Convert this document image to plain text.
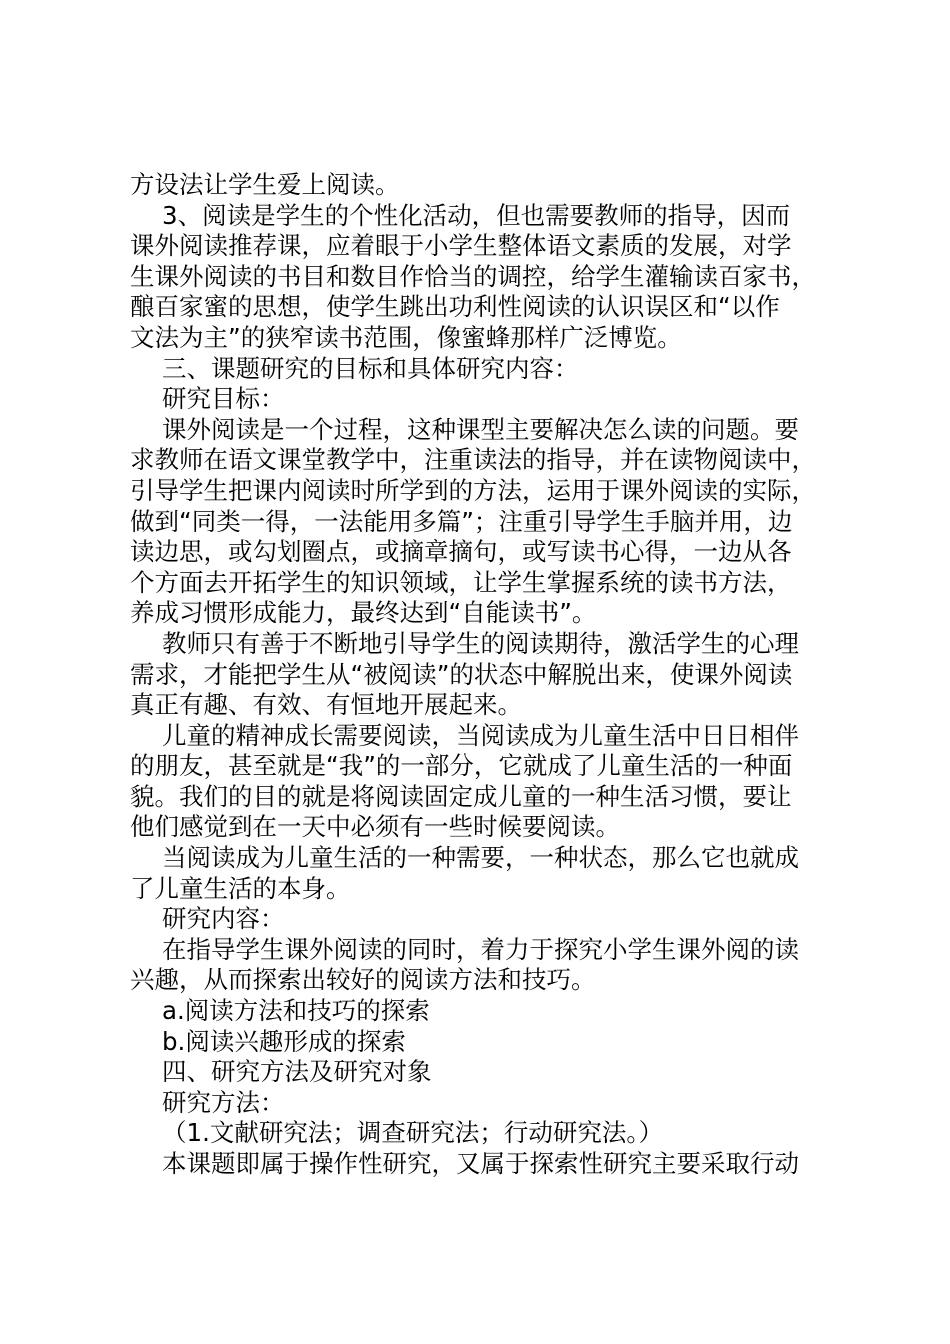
方设法让学生爱上阅读。
3、阅读是学生的个性化活动，但也需要教师的指导，因而
课外阅读推荐课，应着眼于小学生整体语文素质的发展，对学
生课外阅读的书目和数目作恰当的调控，给学生灌输读百家书，
酿百家蜜的思想，使学生跳出功利性阅读的认识误区和“以作
文法为主”的狭窄读书范围，像蜜蜂那样广泛博览。
三、课题研究的目标和具体研究内容：
研究目标：
课外阅读是一个过程，这种课型主要解决怎么读的问题。要
求教师在语文课堂教学中，注重读法的指导，并在读物阅读中，
引导学生把课内阅读时所学到的方法，运用于课外阅读的实际，
做到“同类一得，一法能用多篇”；注重引导学生手脑并用，边
读边思，或勾划圈点，或摘章摘句，或写读书心得，一边从各
个方面去开拓学生的知识领域，让学生掌握系统的读书方法，
养成习惯形成能力，最终达到“自能读书”。
教师只有善于不断地引导学生的阅读期待，激活学生的心理
需求，才能把学生从“被阅读”的状态中解脱出来，使课外阅读
真正有趣、有效、有恒地开展起来。
儿童的精神成长需要阅读，当阅读成为儿童生活中日日相伴
的朋友，甚至就是“我”的一部分，它就成了儿童生活的一种面
貌。我们的目的就是将阅读固定成儿童的一种生活习惯，要让
他们感觉到在一天中必须有一些时候要阅读。
当阅读成为儿童生活的一种需要，一种状态，那么它也就成
了儿童生活的本身。
研究内容：
在指导学生课外阅读的同时，着力于探究小学生课外阅的读
兴趣，从而探索出较好的阅读方法和技巧。
a.阅读方法和技巧的探索
b.阅读兴趣形成的探索
四、研究方法及研究对象
研究方法：
（1.文献研究法；调查研究法；行动研究法。）
本课题即属于操作性研究，又属于探索性研究主要采取行动
